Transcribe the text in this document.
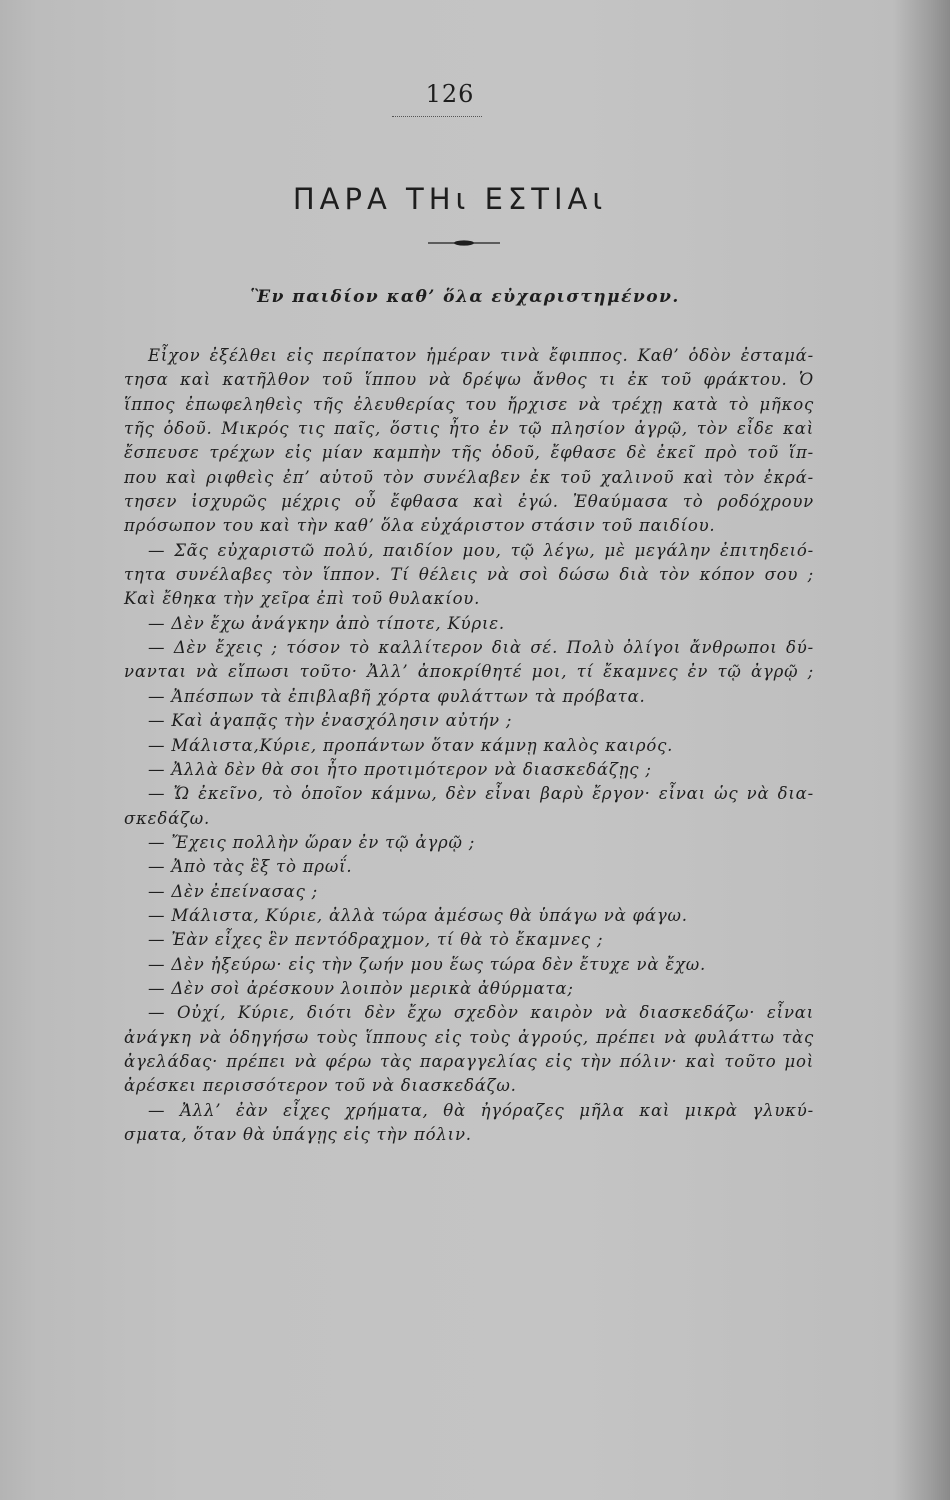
126
ΠΑΡΑ ΤΗι ΕΣΤΙΑι
Ἓν παιδίον καθ’ ὅλα εὐχαριστημένον.
Εἶχον ἐξέλθει εἰς περίπατον ἡμέραν τινὰ ἔφιππος. Καθ’ ὁδὸν ἐσταμά-
τησα καὶ κατῆλθον τοῦ ἵππου νὰ δρέψω ἄνθος τι ἐκ τοῦ φράκτου. Ὁ
ἵππος ἐπωφεληθεὶς τῆς ἐλευθερίας του ἤρχισε νὰ τρέχῃ κατὰ τὸ μῆκος
τῆς ὁδοῦ. Μικρός τις παῖς, ὅστις ἦτο ἐν τῷ πλησίον ἀγρῷ, τὸν εἶδε καὶ
ἔσπευσε τρέχων εἰς μίαν καμπὴν τῆς ὁδοῦ, ἔφθασε δὲ ἐκεῖ πρὸ τοῦ ἵπ-
που καὶ ριφθεὶς ἐπ’ αὐτοῦ τὸν συνέλαβεν ἐκ τοῦ χαλινοῦ καὶ τὸν ἐκρά-
τησεν ἰσχυρῶς μέχρις οὗ ἔφθασα καὶ ἐγώ. Ἐθαύμασα τὸ ροδόχρουν
πρόσωπον του καὶ τὴν καθ’ ὅλα εὐχάριστον στάσιν τοῦ παιδίου.
— Σᾶς εὐχαριστῶ πολύ, παιδίον μου, τῷ λέγω, μὲ μεγάλην ἐπιτηδειό-
τητα συνέλαβες τὸν ἵππον. Τί θέλεις νὰ σοὶ δώσω διὰ τὸν κόπον σου ;
Καὶ ἔθηκα τὴν χεῖρα ἐπὶ τοῦ θυλακίου.
— Δὲν ἔχω ἀνάγκην ἀπὸ τίποτε, Κύριε.
— Δὲν ἔχεις ; τόσον τὸ καλλίτερον διὰ σέ. Πολὺ ὀλίγοι ἄνθρωποι δύ-
νανται νὰ εἴπωσι τοῦτο· Ἀλλ’ ἀποκρίθητέ μοι, τί ἔκαμνες ἐν τῷ ἀγρῷ ;
— Ἀπέσπων τὰ ἐπιβλαβῆ χόρτα φυλάττων τὰ πρόβατα.
— Καὶ ἀγαπᾷς τὴν ἐνασχόλησιν αὐτήν ;
— Μάλιστα,Κύριε, προπάντων ὅταν κάμνῃ καλὸς καιρός.
— Ἀλλὰ δὲν θὰ σοι ἦτο προτιμότερον νὰ διασκεδάζῃς ;
— Ὤ ἐκεῖνο, τὸ ὁποῖον κάμνω, δὲν εἶναι βαρὺ ἔργον· εἶναι ὡς νὰ δια-
σκεδάζω.
— Ἔχεις πολλὴν ὥραν ἐν τῷ ἀγρῷ ;
— Ἀπὸ τὰς ἓξ τὸ πρωΐ.
— Δὲν ἐπείνασας ;
— Μάλιστα, Κύριε, ἀλλὰ τώρα ἀμέσως θὰ ὑπάγω νὰ φάγω.
— Ἐὰν εἶχες ἓν πεντόδραχμον, τί θὰ τὸ ἔκαμνες ;
— Δὲν ἠξεύρω· εἰς τὴν ζωήν μου ἕως τώρα δὲν ἔτυχε νὰ ἔχω.
— Δὲν σοὶ ἀρέσκουν λοιπὸν μερικὰ ἀθύρματα;
— Οὐχί, Κύριε, διότι δὲν ἔχω σχεδὸν καιρὸν νὰ διασκεδάζω· εἶναι
ἀνάγκη νὰ ὁδηγήσω τοὺς ἵππους εἰς τοὺς ἀγρούς, πρέπει νὰ φυλάττω τὰς
ἀγελάδας· πρέπει νὰ φέρω τὰς παραγγελίας εἰς τὴν πόλιν· καὶ τοῦτο μοὶ
ἀρέσκει περισσότερον τοῦ νὰ διασκεδάζω.
— Ἀλλ’ ἐὰν εἶχες χρήματα, θὰ ἠγόραζες μῆλα καὶ μικρὰ γλυκύ-
σματα, ὅταν θὰ ὑπάγῃς εἰς τὴν πόλιν.
